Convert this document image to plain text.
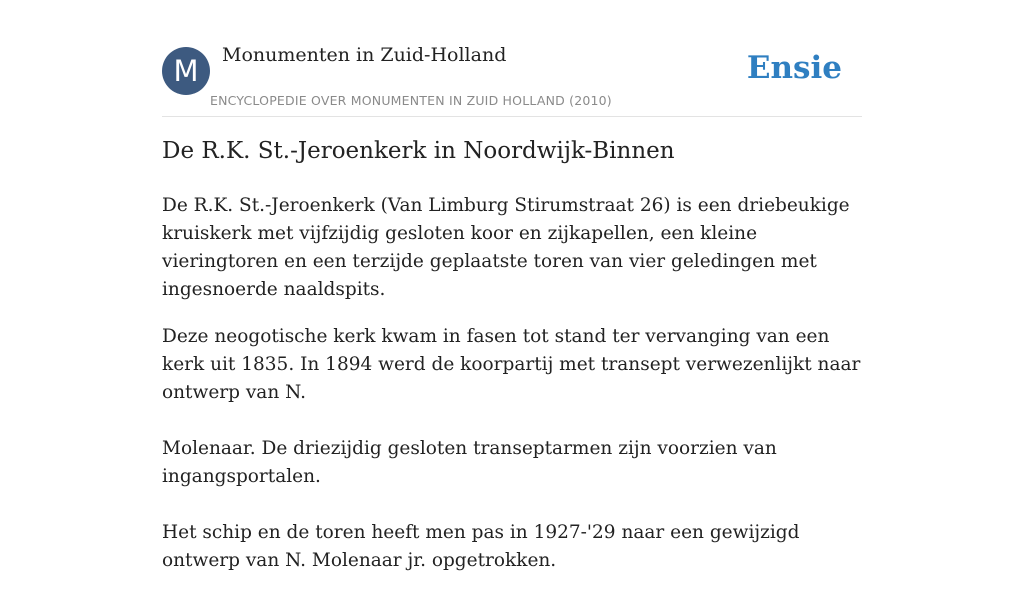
M	Monumenten in Zuid-Holland
ENCYCLOPEDIE OVER MONUMENTEN IN ZUID HOLLAND (2010)
Ensie
De R.K. St.-Jeroenkerk in Noordwijk-Binnen

De R.K. St.-Jeroenkerk (Van Limburg Stirumstraat 26) is een driebeukige kruiskerk met vijfzijdig gesloten koor en zijkapellen, een kleine vieringtoren en een terzijde geplaatste toren van vier geledingen met ingesnoerde naaldspits.

Deze neogotische kerk kwam in fasen tot stand ter vervanging van een kerk uit 1835. In 1894 werd de koorpartij met transept verwezenlijkt naar ontwerp van N.

Molenaar. De driezijdig gesloten transeptarmen zijn voorzien van ingangsportalen.

Het schip en de toren heeft men pas in 1927-'29 naar een gewijzigd ontwerp van N. Molenaar jr. opgetrokken.
